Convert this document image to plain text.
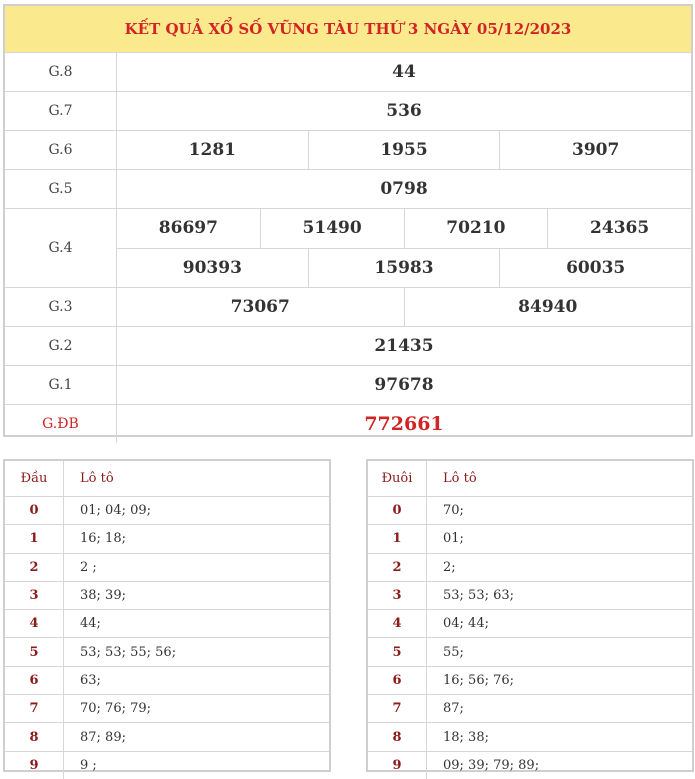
KẾT QUẢ XỔ SỐ VŨNG TÀU THỨ 3 NGÀY 05/12/2023
G.8	44
G.7	536
G.6	1281	1955	3907
G.5	0798
G.4
86697	51490	70210	24365
90393	15983	60035
G.3	73067	84940
G.2	21435
G.1	97678
G.ĐB	772661
Đầu	Lô tô
0	01; 04; 09;
1	16; 18;
2	2 ;
3	38; 39;
4	44;
5	53; 53; 55; 56;
6	63;
7	70; 76; 79;
8	87; 89;
9	9 ;
Đuôi	Lô tô
0	70;
1	01;
2	2;
3	53; 53; 63;
4	04; 44;
5	55;
6	16; 56; 76;
7	87;
8	18; 38;
9	09; 39; 79; 89;
